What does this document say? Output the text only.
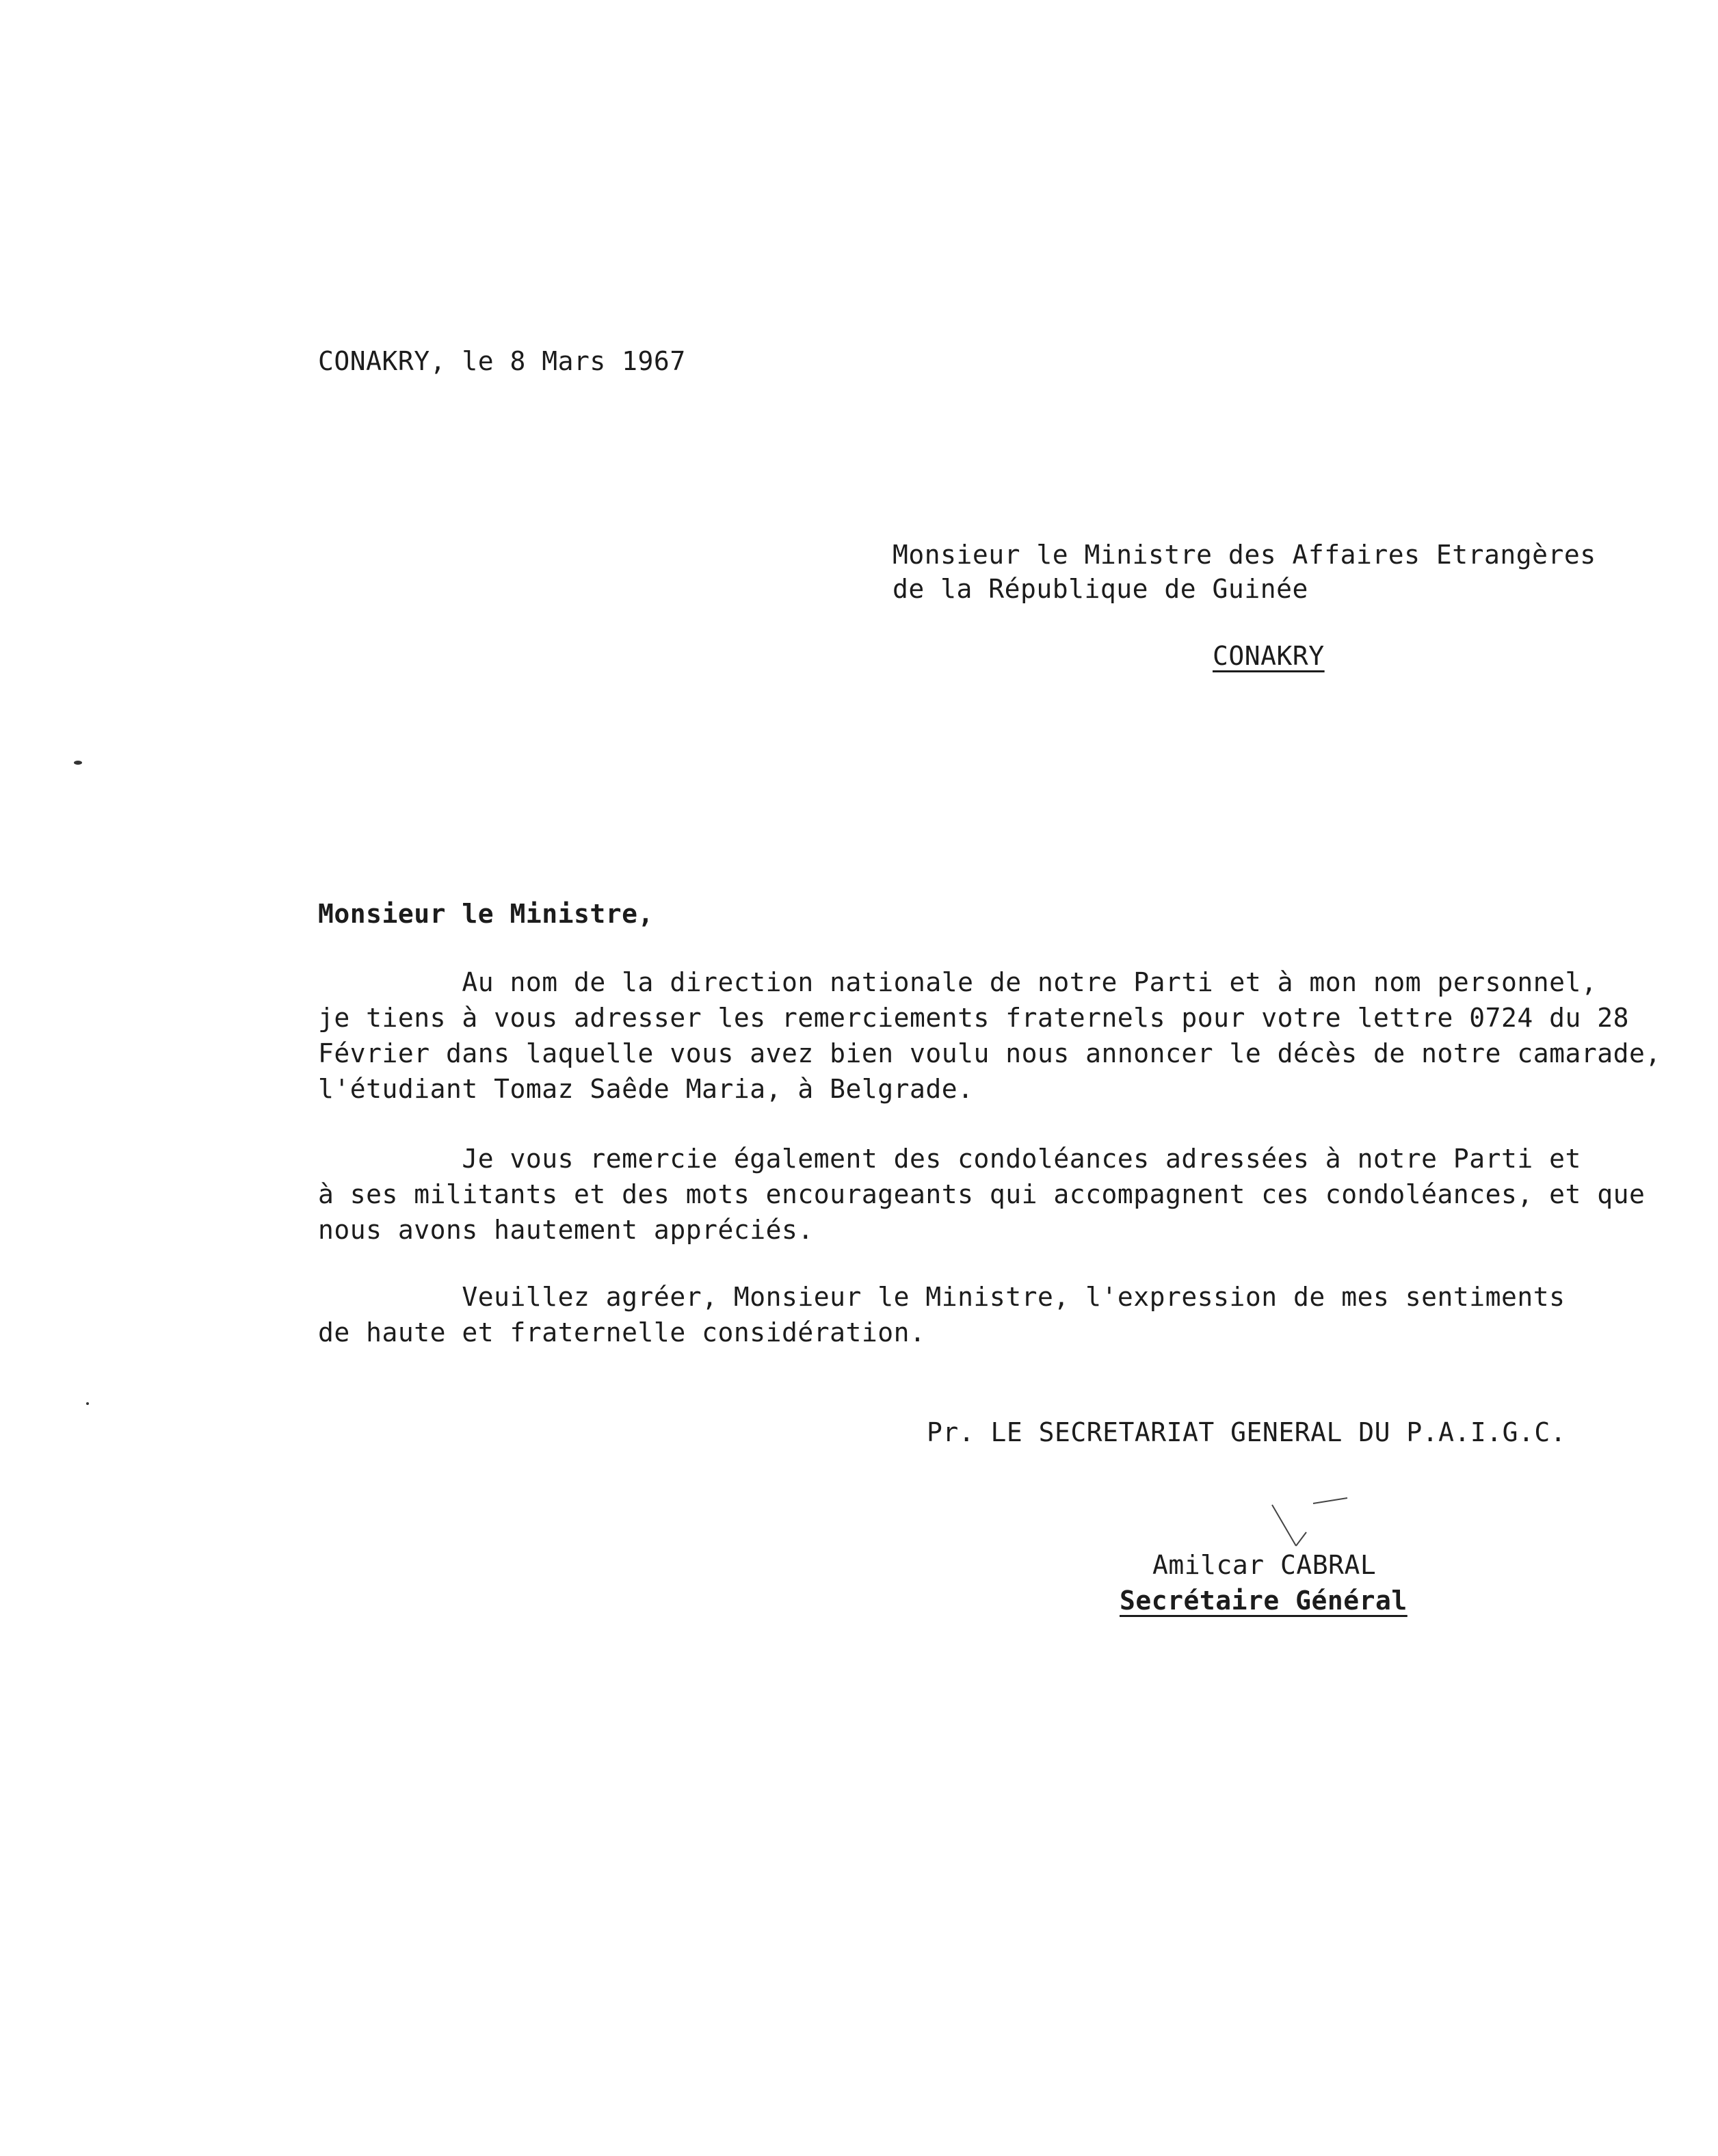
CONAKRY, le 8 Mars 1967
Monsieur le Ministre des Affaires Etrangères
de la République de Guinée
CONAKRY
Monsieur le Ministre,
Au nom de la direction nationale de notre Parti et à mon nom personnel,
je tiens à vous adresser les remerciements fraternels pour votre lettre 0724 du 28
Février dans laquelle vous avez bien voulu nous annoncer le décès de notre camarade,
l'étudiant Tomaz Saêde Maria, à Belgrade.
Je vous remercie également des condoléances adressées à notre Parti et
à ses militants et des mots encourageants qui accompagnent ces condoléances, et que
nous avons hautement appréciés.
Veuillez agréer, Monsieur le Ministre, l'expression de mes sentiments
de haute et fraternelle considération.
Pr. LE SECRETARIAT GENERAL DU P.A.I.G.C.
Amilcar CABRAL
Secrétaire Général
